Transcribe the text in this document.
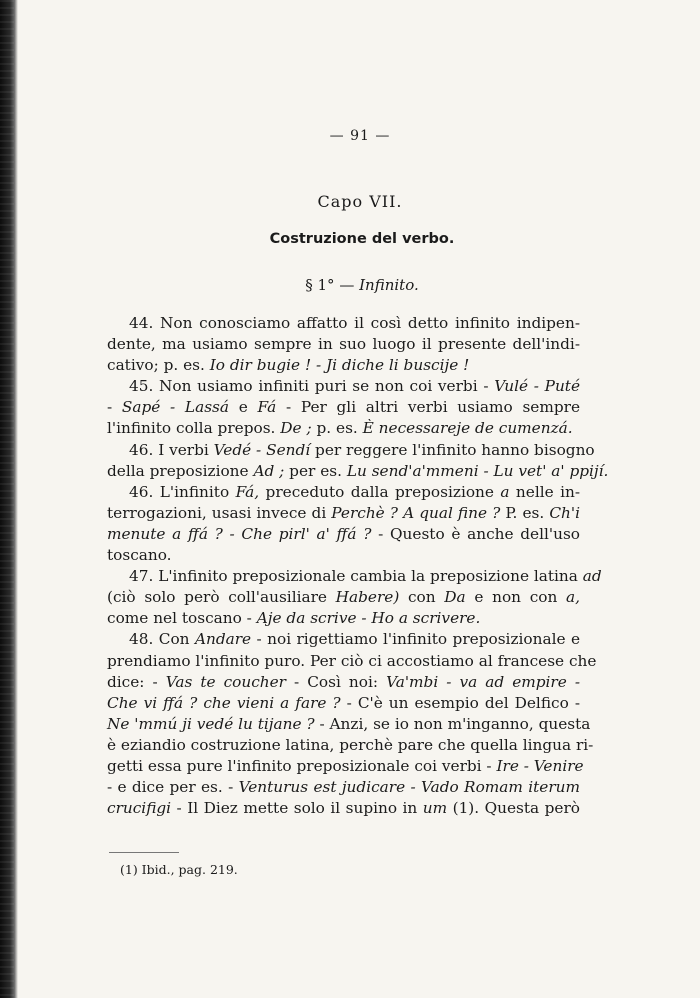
— 91 —
Capo VII.
Costruzione del verbo.
§ 1° — Infinito.
44. Non conosciamo affatto il così detto infinito indipen-
dente, ma usiamo sempre in suo luogo il presente dell'indi-
cativo; p. es. Io dir bugie ! - Ji diche li buscije !
45. Non usiamo infiniti puri se non coi verbi - Vulé - Puté
- Sapé - Lassá e Fá - Per gli altri verbi usiamo sempre
l'infinito colla prepos. De ; p. es. È necessareje de cumenzá.
46. I verbi Vedé - Sendí per reggere l'infinito hanno bisogno
della preposizione Ad ; per es. Lu send'a'mmeni - Lu vet' a' ppijí.
46. L'infinito Fá, preceduto dalla preposizione a nelle in-
terrogazioni, usasi invece di Perchè ? A qual fine ? P. es. Ch'i
menute a ffá ? - Che pirl' a' ffá ? - Questo è anche dell'uso
toscano.
47. L'infinito preposizionale cambia la preposizione latina ad
(ciò solo però coll'ausiliare Habere) con Da e non con a,
come nel toscano - Aje da scrive - Ho a scrivere.
48. Con Andare - noi rigettiamo l'infinito preposizionale e
prendiamo l'infinito puro. Per ciò ci accostiamo al francese che
dice: - Vas te coucher - Così noi: Va'mbi - va ad empire -
Che vi ffá ? che vieni a fare ? - C'è un esempio del Delfico -
Ne 'mmú ji vedé lu tijane ? - Anzi, se io non m'inganno, questa
è eziandio costruzione latina, perchè pare che quella lingua ri-
getti essa pure l'infinito preposizionale coi verbi - Ire - Venire
- e dice per es. - Venturus est judicare - Vado Romam iterum
crucifigi - Il Diez mette solo il supino in um (1). Questa però
(1) Ibid., pag. 219.
